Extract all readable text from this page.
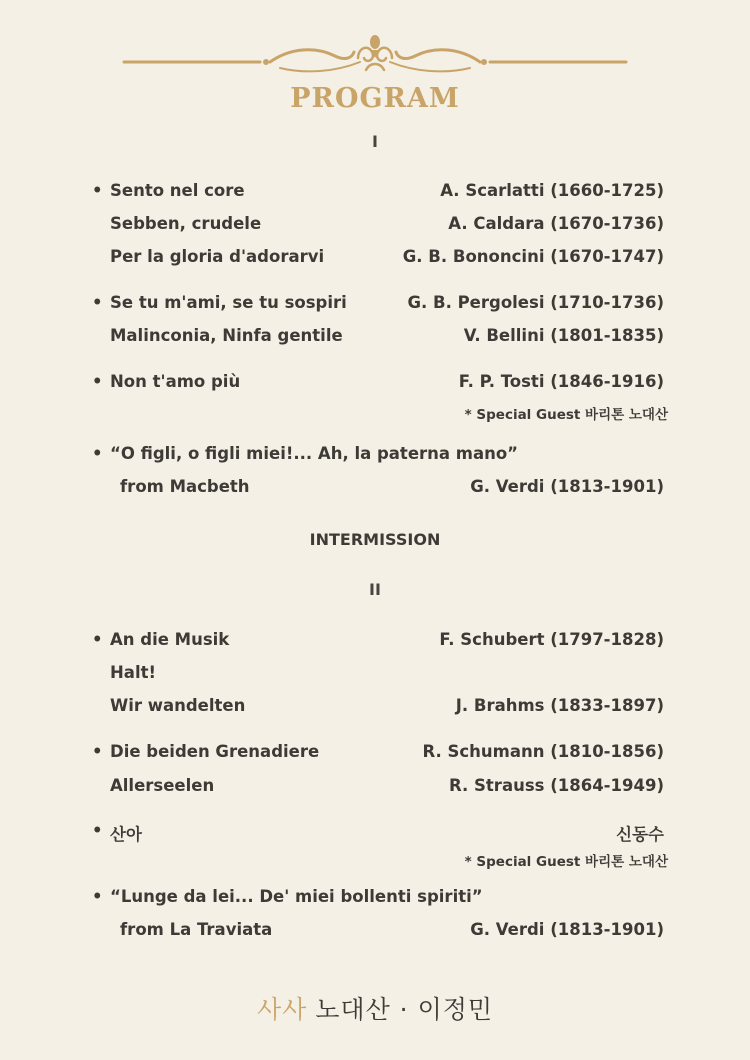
PROGRAM
I
• Sento nel core	A. Scarlatti (1660-1725)
Sebben, crudele	A. Caldara (1670-1736)
Per la gloria d'adorarvi	G. B. Bononcini (1670-1747)
• Se tu m'ami, se tu sospiri	G. B. Pergolesi (1710-1736)
Malinconia, Ninfa gentile	V. Bellini (1801-1835)
• Non t'amo più	F. P. Tosti (1846-1916)
* Special Guest 바리톤 노대산
• “O figli, o figli miei!... Ah, la paterna mano”
from Macbeth	G. Verdi (1813-1901)
INTERMISSION
II
• An die Musik	F. Schubert (1797-1828)
Halt!
Wir wandelten	J. Brahms (1833-1897)
• Die beiden Grenadiere	R. Schumann (1810-1856)
Allerseelen	R. Strauss (1864-1949)
• 산아	신동수
* Special Guest 바리톤 노대산
• “Lunge da lei... De' miei bollenti spiriti”
from La Traviata	G. Verdi (1813-1901)
사사 노대산 · 이정민
